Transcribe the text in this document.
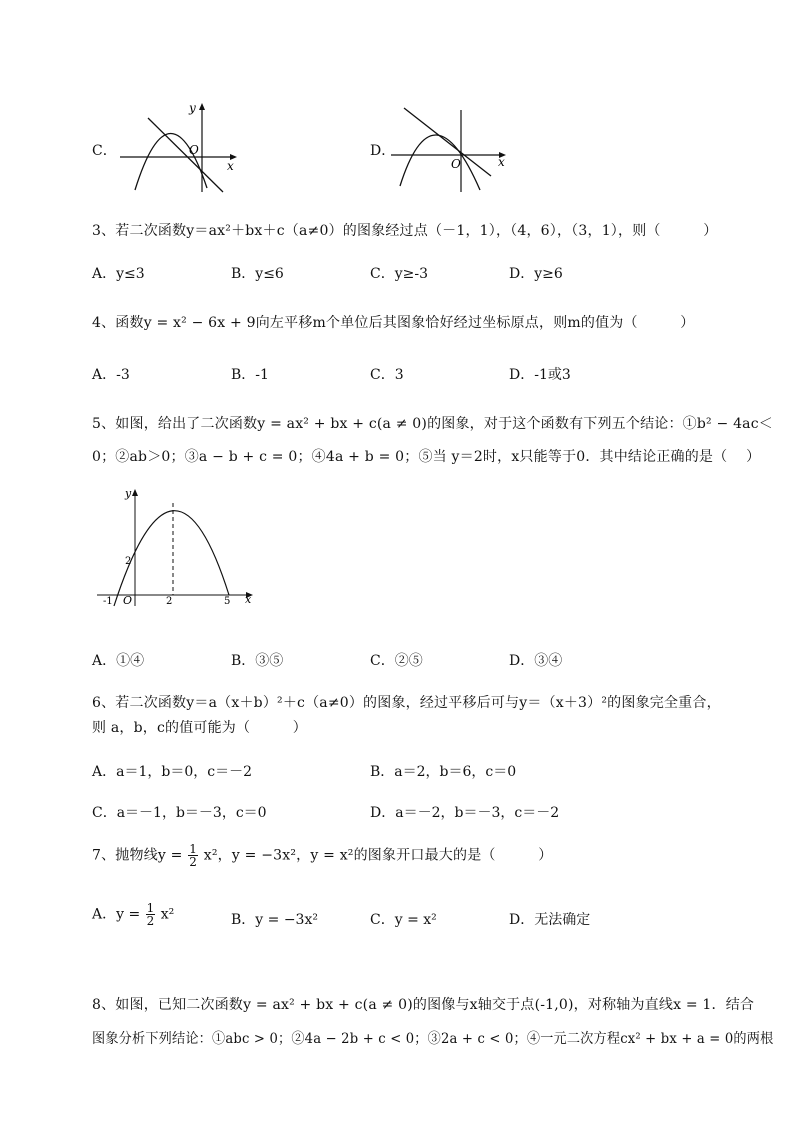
C．
y
x
O	D．
x
O
3、若二次函数y＝ax²＋bx＋c（a≠0）的图象经过点（－1，1），（4，6），（3，1），则（　　　）
A．y≤3	B．y≤6	C．y≥-3	D．y≥6
4、函数y = x² − 6x + 9向左平移m个单位后其图象恰好经过坐标原点，则m的值为（　　　）
A．-3	B．-1	C．3	D．-1或3
5、如图，给出了二次函数y = ax² + bx + c(a ≠ 0)的图象，对于这个函数有下列五个结论：①b² − 4ac＜
0；②ab＞0；③a − b + c = 0；④4a + b = 0；⑤当 y＝2时，x只能等于0．其中结论正确的是（　 ）
y
x
O
-1	2	5
2
A．①④	B．③⑤	C．②⑤	D．③④
6、若二次函数y＝a（x＋b）²＋c（a≠0）的图象，经过平移后可与y＝（x＋3）²的图象完全重合，
则 a，b，c的值可能为（　　　）
A．a＝1，b＝0，c＝－2	B．a＝2，b＝6，c＝0
C．a＝－1，b＝－3，c＝0	D．a＝－2，b＝－3，c＝－2
7、抛物线$y = \frac{1}{2} x^2$，y = −3x²，y = x²的图象开口最大的是（　　　）
A．$y = \frac{1}{2} x^2$	B．y = −3x²	C．y = x²	D．无法确定
8、如图，已知二次函数y = ax² + bx + c(a ≠ 0)的图像与x轴交于点(-1,0)，对称轴为直线x = 1．结合
图象分析下列结论：①abc > 0；②4a − 2b + c < 0；③2a + c < 0；④一元二次方程cx² + bx + a = 0的两根
